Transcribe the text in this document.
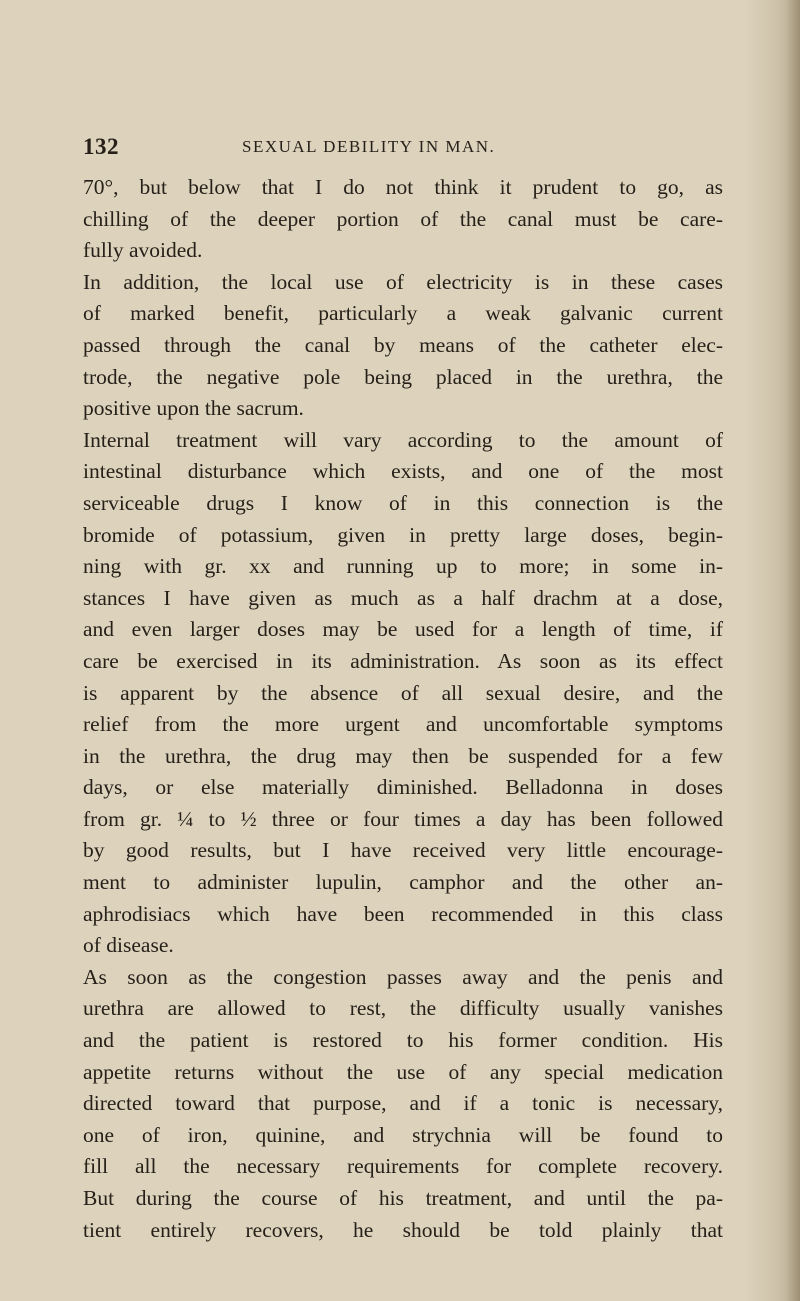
132	SEXUAL DEBILITY IN MAN.
70°, but below that I do not think it prudent to go, as
chilling of the deeper portion of the canal must be care-
fully avoided.
In addition, the local use of electricity is in these cases
of marked benefit, particularly a weak galvanic current
passed through the canal by means of the catheter elec-
trode, the negative pole being placed in the urethra, the
positive upon the sacrum.
Internal treatment will vary according to the amount of
intestinal disturbance which exists, and one of the most
serviceable drugs I know of in this connection is the
bromide of potassium, given in pretty large doses, begin-
ning with gr. xx and running up to more; in some in-
stances I have given as much as a half drachm at a dose,
and even larger doses may be used for a length of time, if
care be exercised in its administration. As soon as its effect
is apparent by the absence of all sexual desire, and the
relief from the more urgent and uncomfortable symptoms
in the urethra, the drug may then be suspended for a few
days, or else materially diminished. Belladonna in doses
from gr. ¼ to ½ three or four times a day has been followed
by good results, but I have received very little encourage-
ment to administer lupulin, camphor and the other an-
aphrodisiacs which have been recommended in this class
of disease.
As soon as the congestion passes away and the penis and
urethra are allowed to rest, the difficulty usually vanishes
and the patient is restored to his former condition. His
appetite returns without the use of any special medication
directed toward that purpose, and if a tonic is necessary,
one of iron, quinine, and strychnia will be found to
fill all the necessary requirements for complete recovery.
But during the course of his treatment, and until the pa-
tient entirely recovers, he should be told plainly that
